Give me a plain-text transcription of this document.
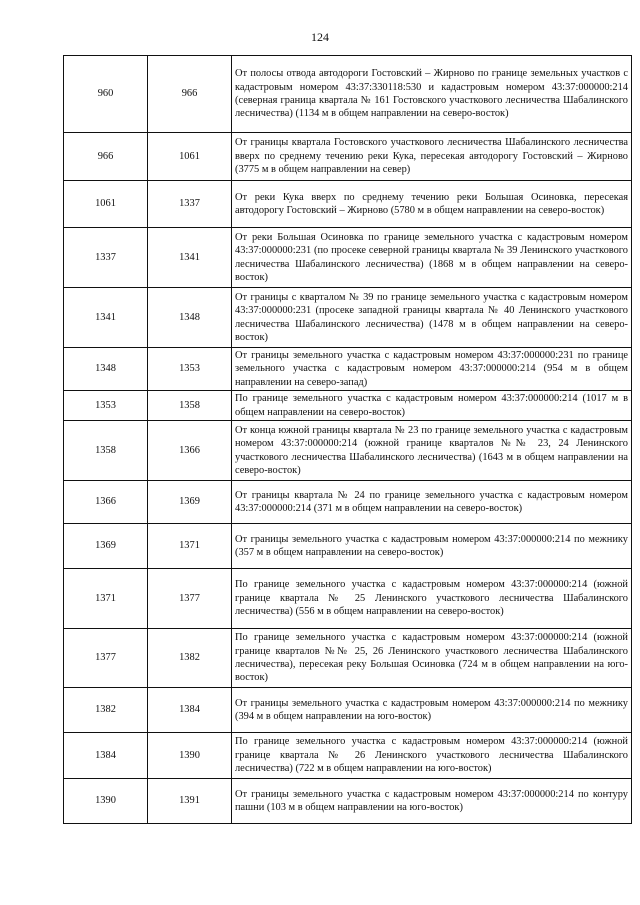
124
960	966	От полосы отвода автодороги Гостовский – Жирново по границе земельных участков с кадастровым номером 43:37:330118:530 и кадастровым номером 43:37:000000:214 (северная граница квартала № 161 Гостовского участкового лесничества Шабалинского лесничества) (1134 м в общем направлении на северо-восток)
966	1061	От границы квартала Гостовского участкового лесничества Шабалинского лесничества вверх по среднему течению реки Кука, пересекая автодорогу Гостовский – Жирново (3775 м в общем направлении на север)
1061	1337	От реки Кука вверх по среднему течению реки Большая Осиновка, пересекая автодорогу Гостовский – Жирново (5780 м в общем направлении на северо-восток)
1337	1341	От реки Большая Осиновка по границе земельного участка с кадастровым номером 43:37:000000:231 (по просеке северной границы квартала № 39 Ленинского участкового лесничества Шабалинского лесничества) (1868 м в общем направлении на северо-восток)
1341	1348	От границы с кварталом № 39 по границе земельного участка с кадастровым номером 43:37:000000:231 (просеке западной границы квартала № 40 Ленинского участкового лесничества Шабалинского лесничества) (1478 м в общем направлении на северо-восток)
1348	1353	От границы земельного участка с кадастровым номером 43:37:000000:231 по границе земельного участка с кадастровым номером 43:37:000000:214 (954 м в общем направлении на северо-запад)
1353	1358	По границе земельного участка с кадастровым номером 43:37:000000:214 (1017 м в общем направлении на северо-восток)
1358	1366	От конца южной границы квартала № 23 по границе земельного участка с кадастровым номером 43:37:000000:214 (южной границе кварталов №№ 23, 24 Ленинского участкового лесничества Шабалинского лесничества) (1643 м в общем направлении на северо-восток)
1366	1369	От границы квартала № 24 по границе земельного участка с кадастровым номером 43:37:000000:214 (371 м в общем направлении на северо-восток)
1369	1371	От границы земельного участка с кадастровым номером 43:37:000000:214 по межнику (357 м в общем направлении на северо-восток)
1371	1377	По границе земельного участка с кадастровым номером 43:37:000000:214 (южной границе квартала № 25 Ленинского участкового лесничества Шабалинского лесничества) (556 м в общем направлении на северо-восток)
1377	1382	По границе земельного участка с кадастровым номером 43:37:000000:214 (южной границе кварталов №№ 25, 26 Ленинского участкового лесничества Шабалинского лесничества), пересекая реку Большая Осиновка (724 м в общем направлении на юго-восток)
1382	1384	От границы земельного участка с кадастровым номером 43:37:000000:214 по межнику (394 м в общем направлении на юго-восток)
1384	1390	По границе земельного участка с кадастровым номером 43:37:000000:214 (южной границе квартала № 26 Ленинского участкового лесничества Шабалинского лесничества) (722 м в общем направлении на юго-восток)
1390	1391	От границы земельного участка с кадастровым номером 43:37:000000:214 по контуру пашни (103 м в общем направлении на юго-восток)
